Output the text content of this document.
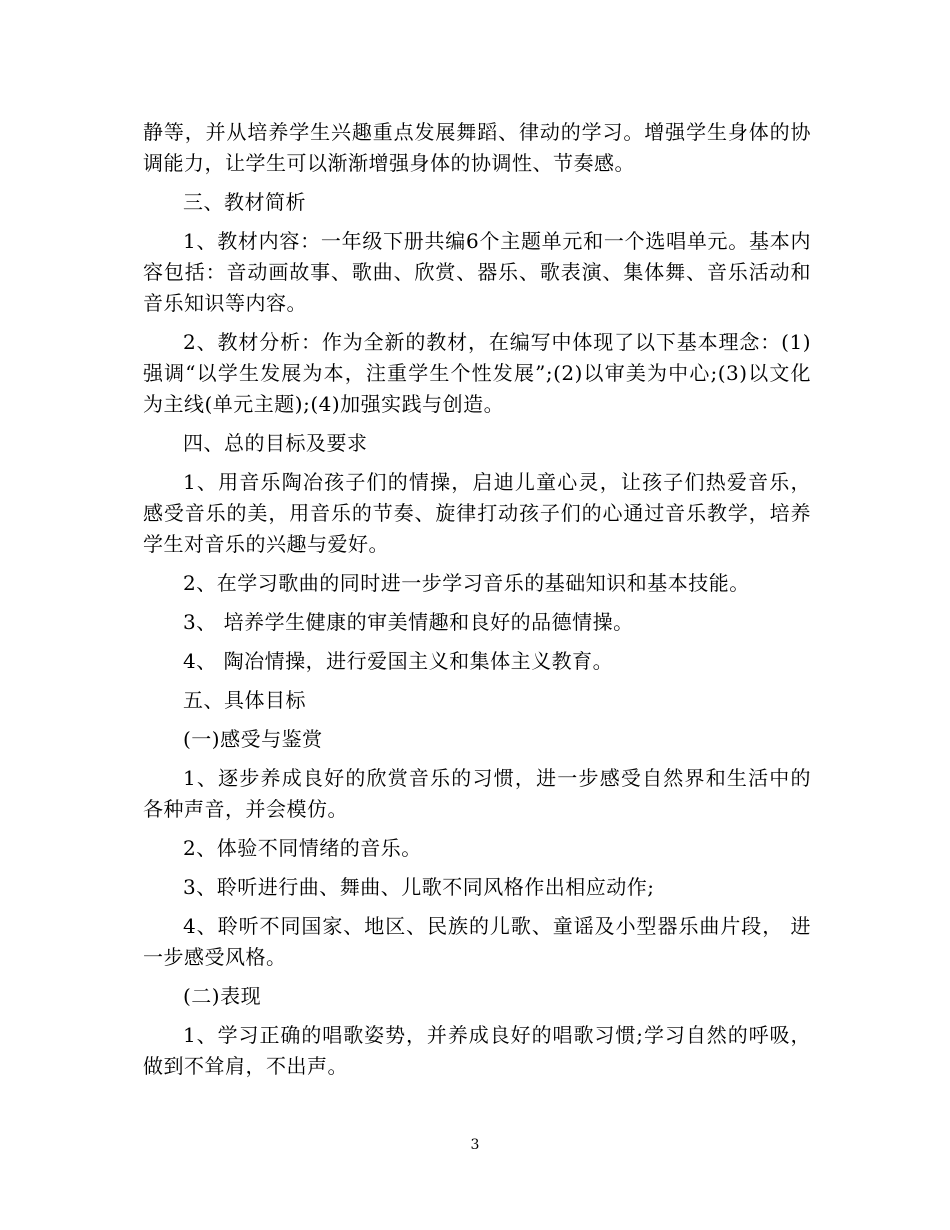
静等，并从培养学生兴趣重点发展舞蹈、律动的学习。增强学生身体的协调能力，让学生可以渐渐增强身体的协调性、节奏感。

三、教材简析

1、教材内容：一年级下册共编6个主题单元和一个选唱单元。基本内容包括：音动画故事、歌曲、欣赏、器乐、歌表演、集体舞、音乐活动和音乐知识等内容。

2、教材分析：作为全新的教材，在编写中体现了以下基本理念：(1)强调“以学生发展为本，注重学生个性发展”;(2)以审美为中心;(3)以文化为主线(单元主题);(4)加强实践与创造。

四、总的目标及要求

1、用音乐陶冶孩子们的情操，启迪儿童心灵，让孩子们热爱音乐，感受音乐的美，用音乐的节奏、旋律打动孩子们的心通过音乐教学，培养学生对音乐的兴趣与爱好。

2、在学习歌曲的同时进一步学习音乐的基础知识和基本技能。

3、 培养学生健康的审美情趣和良好的品德情操。

4、 陶冶情操，进行爱国主义和集体主义教育。

五、具体目标

(一)感受与鉴赏

1、逐步养成良好的欣赏音乐的习惯，进一步感受自然界和生活中的各种声音，并会模仿。

2、体验不同情绪的音乐。

3、聆听进行曲、舞曲、儿歌不同风格作出相应动作;

4、聆听不同国家、地区、民族的儿歌、童谣及小型器乐曲片段， 进一步感受风格。

(二)表现

1、学习正确的唱歌姿势，并养成良好的唱歌习惯;学习自然的呼吸，做到不耸肩，不出声。

3
